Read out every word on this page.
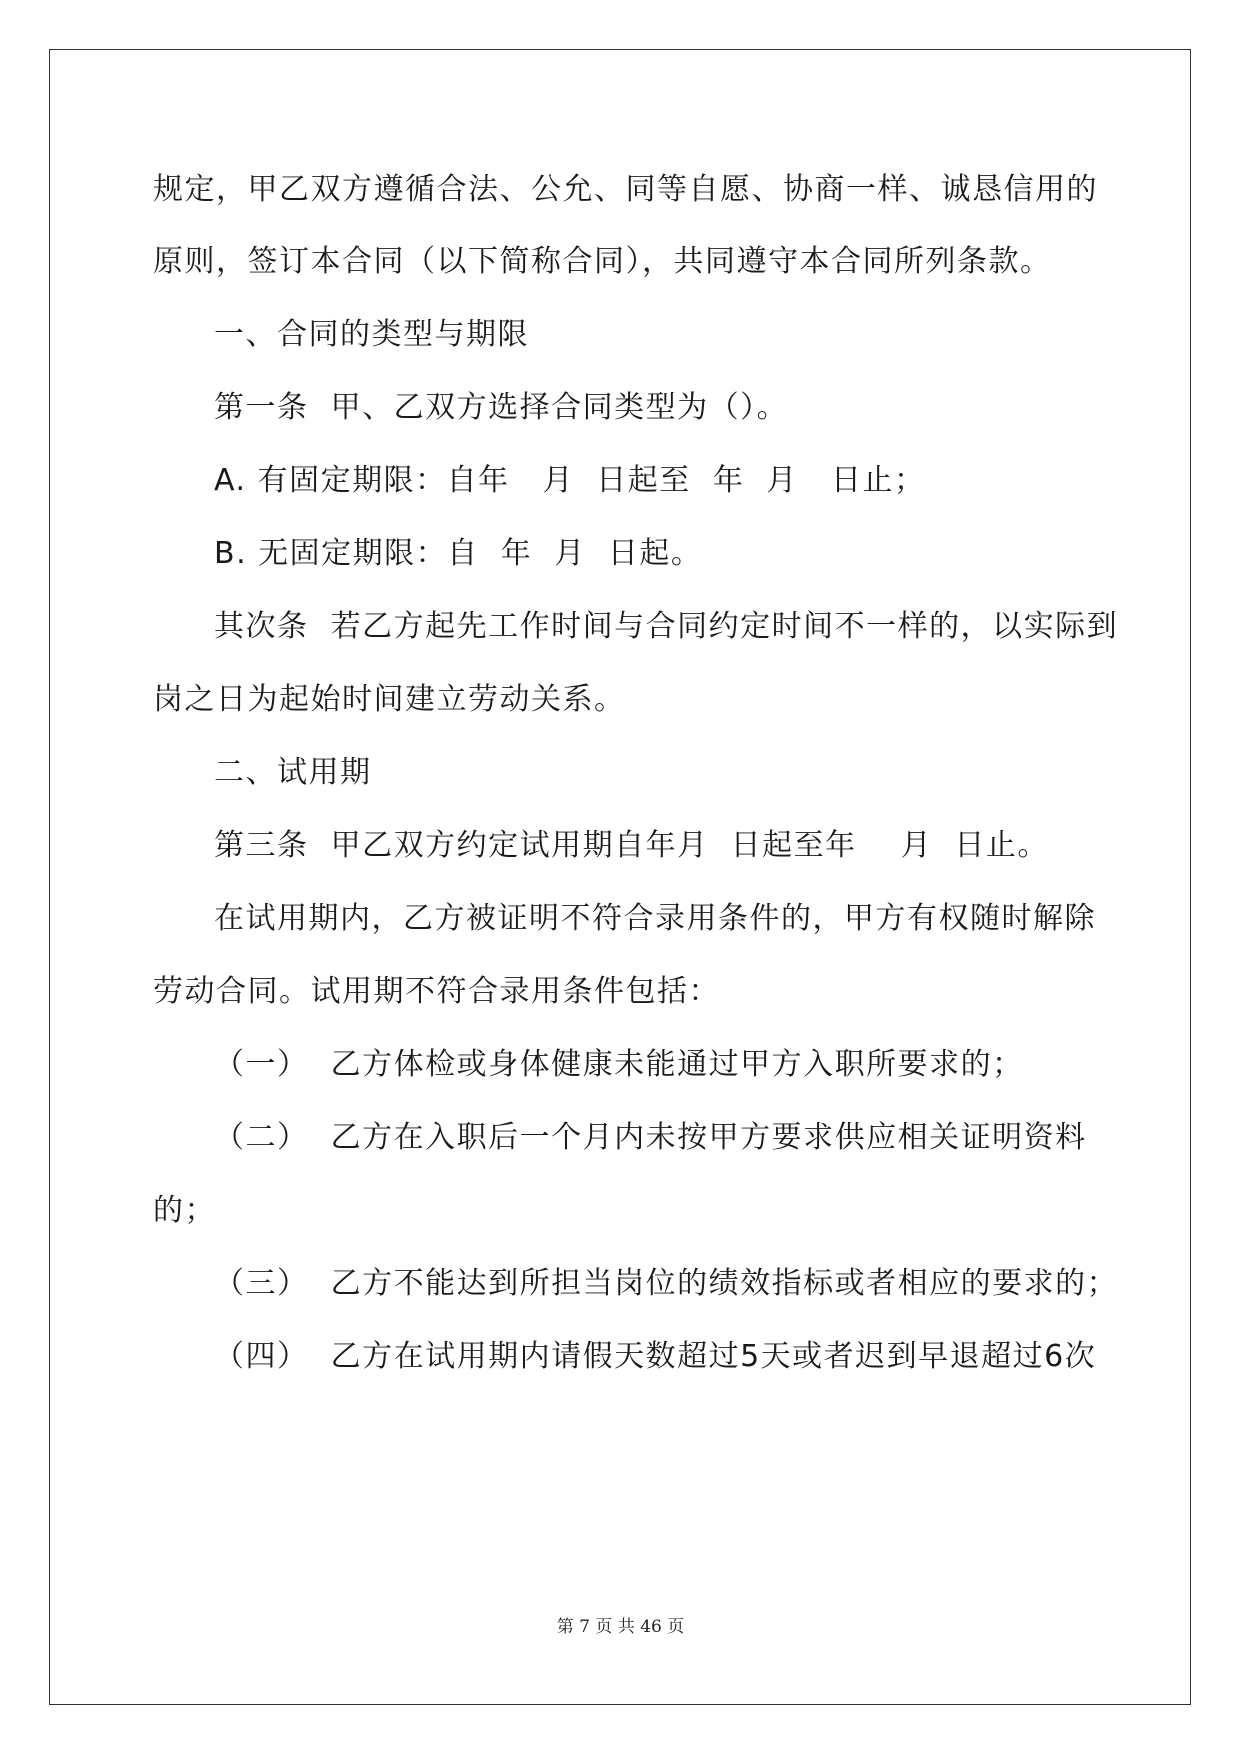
规定，甲乙双方遵循合法、公允、同等自愿、协商一样、诚恳信用的

原则，签订本合同（以下简称合同），共同遵守本合同所列条款。

一、合同的类型与期限

第一条  甲、乙双方选择合同类型为（）。

A. 有固定期限：自年   月  日起至  年  月   日止；

B. 无固定期限：自  年  月  日起。

其次条  若乙方起先工作时间与合同约定时间不一样的，以实际到

岗之日为起始时间建立劳动关系。

二、试用期

第三条  甲乙双方约定试用期自年月  日起至年    月  日止。

在试用期内，乙方被证明不符合录用条件的，甲方有权随时解除

劳动合同。试用期不符合录用条件包括：

（一）  乙方体检或身体健康未能通过甲方入职所要求的；

（二）  乙方在入职后一个月内未按甲方要求供应相关证明资料

的；

（三）  乙方不能达到所担当岗位的绩效指标或者相应的要求的；

（四）  乙方在试用期内请假天数超过5天或者迟到早退超过6次

第 7 页 共 46 页
